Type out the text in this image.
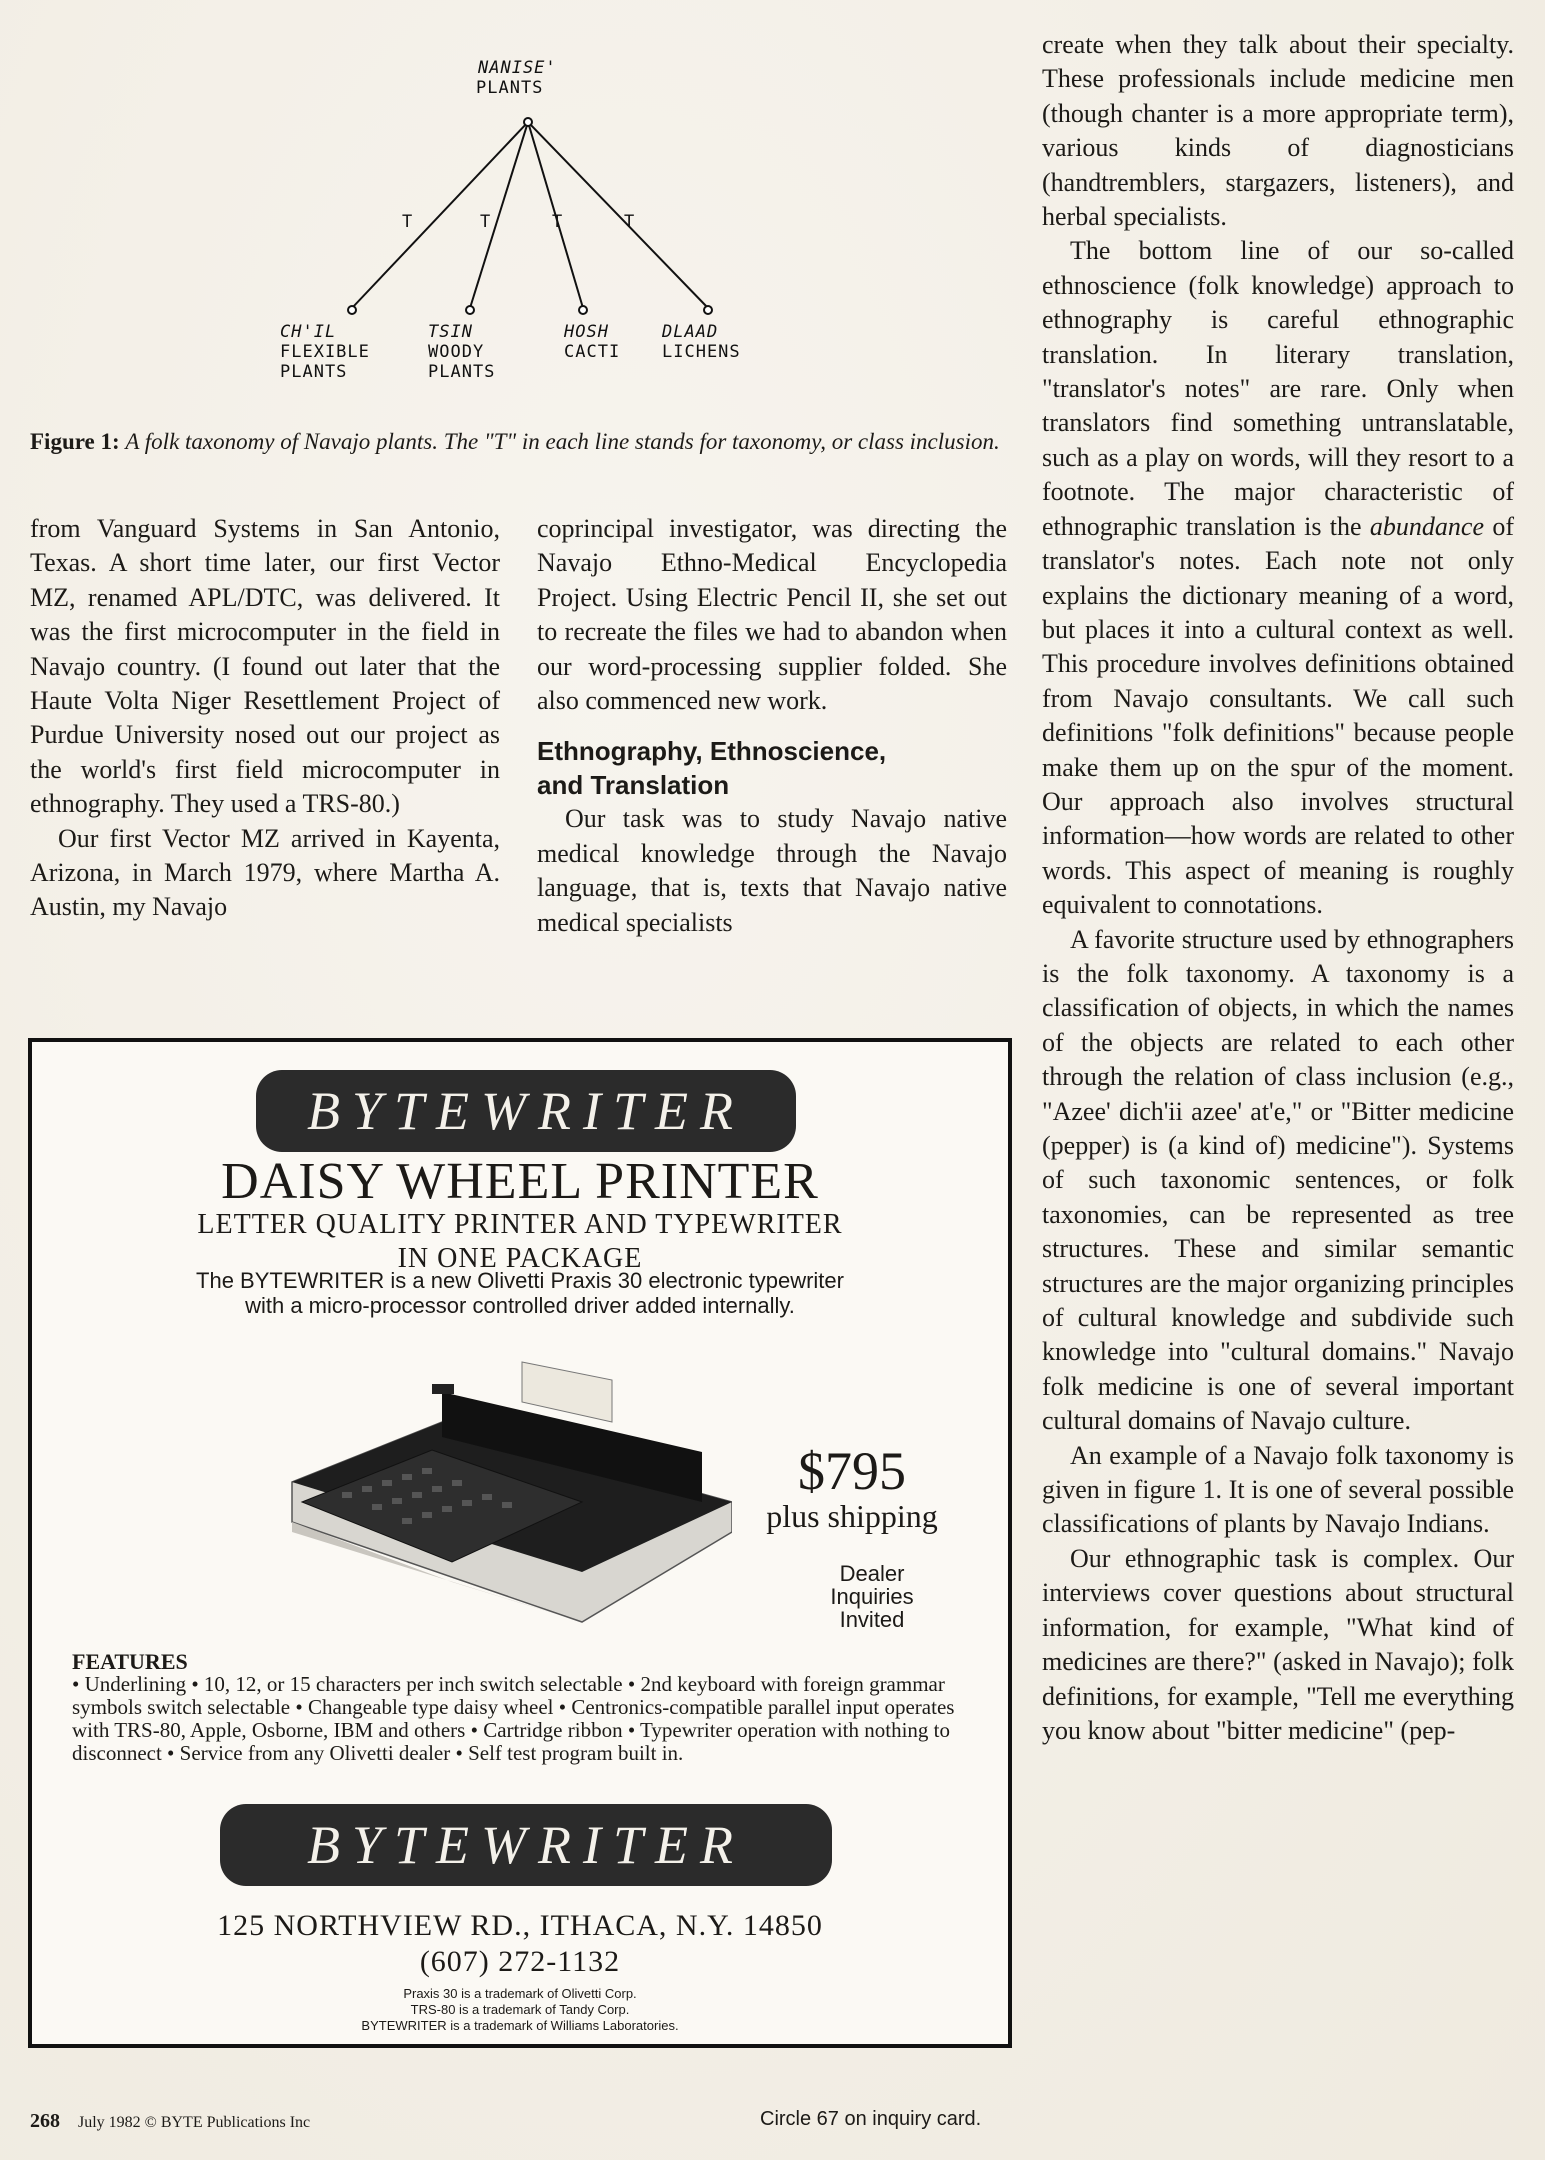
NANISE'
PLANTS
T	T	T	T
CH'IL
FLEXIBLE
PLANTS
TSIN
WOODY
PLANTS
HOSH
CACTI
DLAAD
LICHENS
Figure 1: A folk taxonomy of Navajo plants. The "T" in each line stands for taxonomy, or class inclusion.

from Vanguard Systems in San Antonio, Texas. A short time later, our first Vector MZ, renamed APL/DTC, was delivered. It was the first microcomputer in the field in Navajo country. (I found out later that the Haute Volta Niger Resettlement Project of Purdue University nosed out our project as the world's first field microcomputer in ethnography. They used a TRS-80.)

Our first Vector MZ arrived in Kayenta, Arizona, in March 1979, where Martha A. Austin, my Navajo

coprincipal investigator, was directing the Navajo Ethno-Medical Encyclopedia Project. Using Electric Pencil II, she set out to recreate the files we had to abandon when our word-processing supplier folded. She also commenced new work.

Ethnography, Ethnoscience,
and Translation

Our task was to study Navajo native medical knowledge through the Navajo language, that is, texts that Navajo native medical specialists

create when they talk about their specialty. These professionals include medicine men (though chanter is a more appropriate term), various kinds of diagnosticians (handtremblers, stargazers, listeners), and herbal specialists.

The bottom line of our so-called ethnoscience (folk knowledge) approach to ethnography is careful ethnographic translation. In literary translation, "translator's notes" are rare. Only when translators find something untranslatable, such as a play on words, will they resort to a footnote. The major characteristic of ethnographic translation is the abundance of translator's notes. Each note not only explains the dictionary meaning of a word, but places it into a cultural context as well. This procedure involves definitions obtained from Navajo consultants. We call such definitions "folk definitions" because people make them up on the spur of the moment. Our approach also involves structural information—how words are related to other words. This aspect of meaning is roughly equivalent to connotations.

A favorite structure used by ethnographers is the folk taxonomy. A taxonomy is a classification of objects, in which the names of the objects are related to each other through the relation of class inclusion (e.g., "Azee' dich'ii azee' at'e," or "Bitter medicine (pepper) is (a kind of) medicine"). Systems of such taxonomic sentences, or folk taxonomies, can be represented as tree structures. These and similar semantic structures are the major organizing principles of cultural knowledge and subdivide such knowledge into "cultural domains." Navajo folk medicine is one of several important cultural domains of Navajo culture.

An example of a Navajo folk taxonomy is given in figure 1. It is one of several possible classifications of plants by Navajo Indians.

Our ethnographic task is complex. Our interviews cover questions about structural information, for example, "What kind of medicines are there?" (asked in Navajo); folk definitions, for example, "Tell me everything you know about "bitter medicine" (pep-

BYTEWRITER
DAISY WHEEL PRINTER
LETTER QUALITY PRINTER AND TYPEWRITER
IN ONE PACKAGE
The BYTEWRITER is a new Olivetti Praxis 30 electronic typewriter
with a micro-processor controlled driver added internally.
$795
plus shipping
Dealer
Inquiries
Invited
FEATURES
• Underlining • 10, 12, or 15 characters per inch switch selectable • 2nd keyboard with foreign grammar symbols switch selectable • Changeable type daisy wheel • Centronics-compatible parallel input operates with TRS-80, Apple, Osborne, IBM and others • Cartridge ribbon • Typewriter operation with nothing to disconnect • Service from any Olivetti dealer • Self test program built in.
BYTEWRITER
125 NORTHVIEW RD., ITHACA, N.Y. 14850
(607) 272-1132
Praxis 30 is a trademark of Olivetti Corp.
TRS-80 is a trademark of Tandy Corp.
BYTEWRITER is a trademark of Williams Laboratories.
268 July 1982 © BYTE Publications Inc	Circle 67 on inquiry card.
